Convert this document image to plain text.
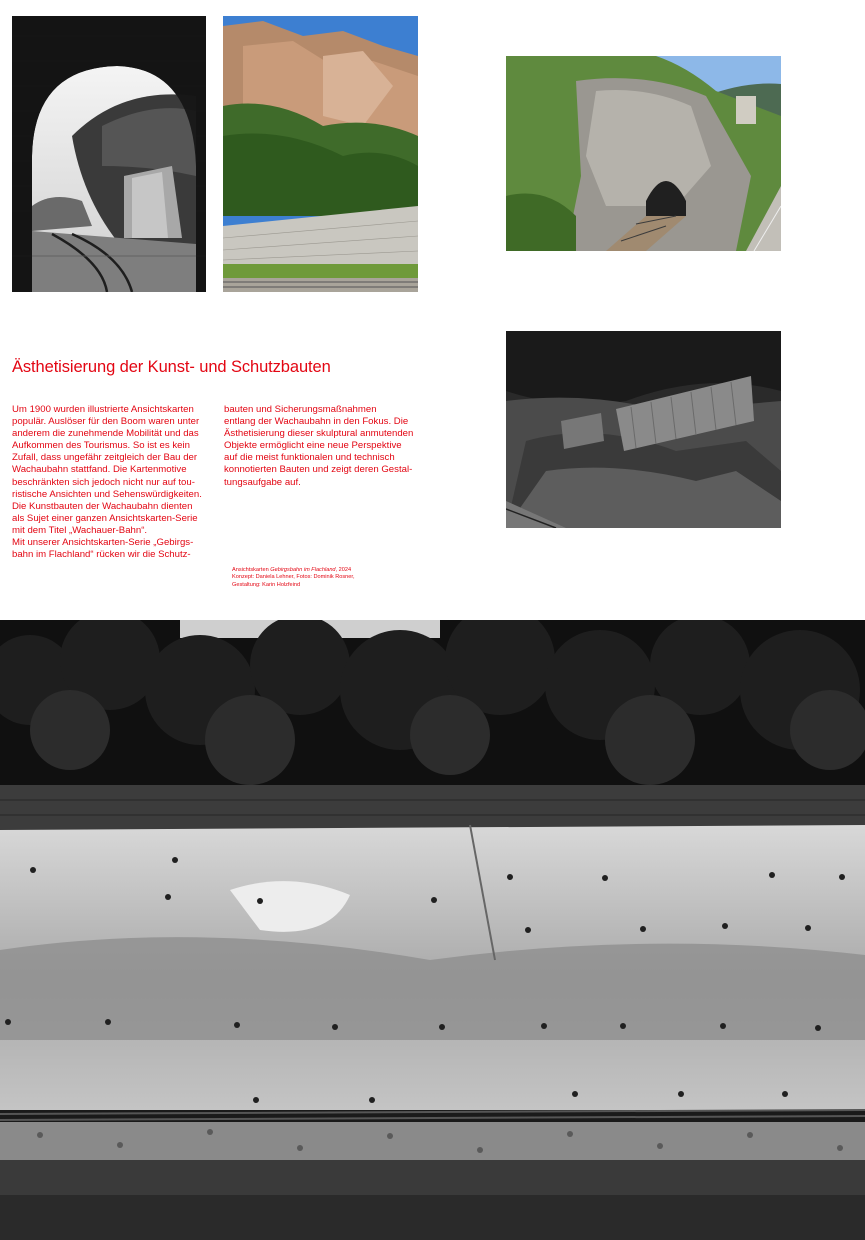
Ästhetisierung der Kunst- und Schutzbauten

Um 1900 wurden illustrierte Ansichtskarten
populär. Auslöser für den Boom waren unter
anderem die zunehmende Mobilität und das
Aufkommen des Tourismus. So ist es kein
Zufall, dass ungefähr zeitgleich der Bau der
Wachaubahn stattfand. Die Kartenmotive
beschränkten sich jedoch nicht nur auf tou-
ristische Ansichten und Sehenswürdigkeiten.
Die Kunstbauten der Wachaubahn dienten
als Sujet einer ganzen Ansichtskarten-Serie
mit dem Titel „Wachauer-Bahn“.
Mit unserer Ansichtskarten-Serie „Gebirgs-
bahn im Flachland“ rücken wir die Schutz-

bauten und Sicherungsmaßnahmen
entlang der Wachaubahn in den Fokus. Die
Ästhetisierung dieser skulptural anmutenden
Objekte ermöglicht eine neue Perspektive
auf die meist funktionalen und technisch
konnotierten Bauten und zeigt deren Gestal-
tungsaufgabe auf.

Ansichtskarten Gebirgsbahn im Flachland, 2024
Konzept: Daniela Lehner, Fotos: Dominik Rosner,
Gestaltung: Karin Holzfeind
